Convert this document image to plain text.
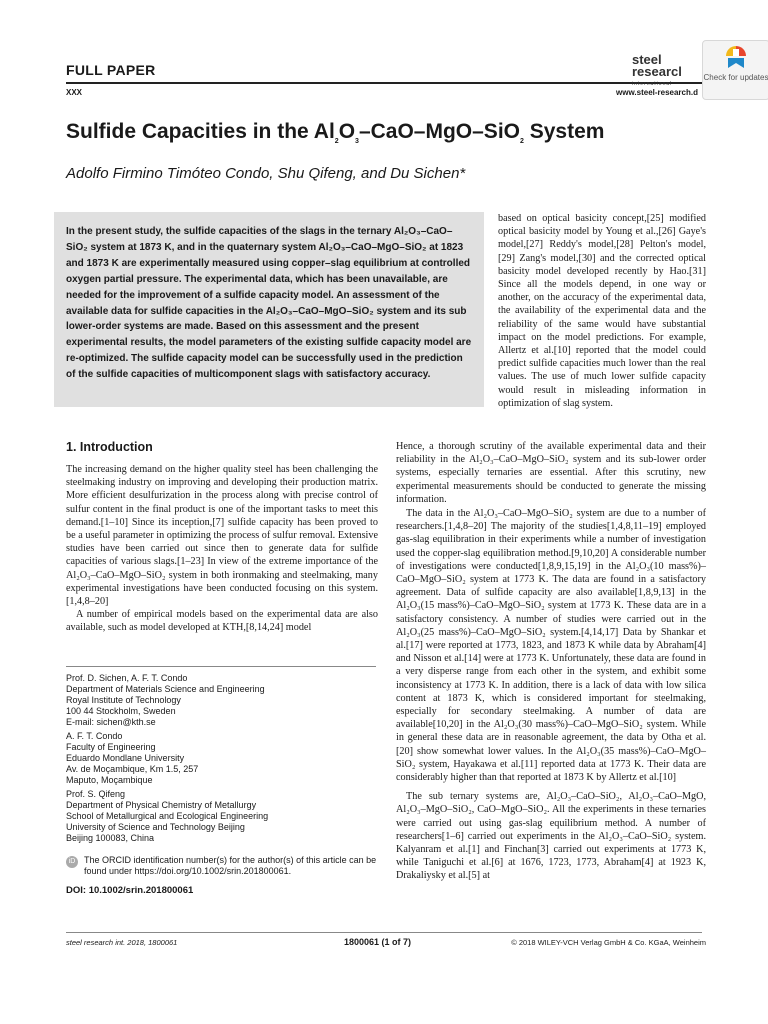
FULL PAPER
XXX	www.steel-research.d
steel
researcl
international
Check for updates
Sulfide Capacities in the $Al_2O_3-CaO-MgO-SiO_2$ System
Adolfo Firmino Timóteo Condo, Shu Qifeng, and Du Sichen*
In the present study, the sulfide capacities of the slags in the ternary Al₂O₃–CaO–SiO₂ system at 1873 K, and in the quaternary system Al₂O₃–CaO–MgO–SiO₂ at 1823 and 1873 K are experimentally measured using copper–slag equilibrium at controlled oxygen partial pressure. The experimental data, which has been unavailable, are needed for the improvement of a sulfide capacity model. An assessment of the available data for sulfide capacities in the Al₂O₃–CaO–MgO–SiO₂ system and its sub lower-order systems are made. Based on this assessment and the present experimental results, the model parameters of the existing sulfide capacity model are re-optimized. The sulfide capacity model can be successfully used in the prediction of the sulfide capacities of multicomponent slags with satisfactory accuracy.

based on optical basicity concept,[25] modified optical basicity model by Young et al.,[26] Gaye's model,[27] Reddy's model,[28] Pelton's model,[29] Zang's model,[30] and the corrected optical basicity model developed recently by Hao.[31] Since all the models depend, in one way or another, on the accuracy of the experimental data, the availability of the experimental data and the reliability of the same would have substantial impact on the model predictions. For example, Allertz et al.[10] reported that the model could predict sulfide capacities much lower than the real values. The use of much lower sulfide capacity would result in misleading information in optimization of slag system.

1. Introduction

The increasing demand on the higher quality steel has been challenging the steelmaking industry on improving and developing their production matrix. More efficient desulfurization in the process along with precise control of sulfur content in the final product is one of the important tasks to meet this demand.[1–10] Since its inception,[7] sulfide capacity has been proved to be a useful parameter in optimizing the process of sulfur removal. Extensive studies have been carried out since then to generate data for sulfide capacities of various slags.[1–23] In view of the extreme importance of the Al₂O₃–CaO–MgO–SiO₂ system in both ironmaking and steelmaking, many experimental investigations have been conducted focusing on this system.[1,4,8–20]

A number of empirical models based on the experimental data are also available, such as model developed at KTH,[8,14,24] model

Hence, a thorough scrutiny of the available experimental data and their reliability in the Al₂O₃–CaO–MgO–SiO₂ system and its sub-lower order systems, especially ternaries are essential. After this scrutiny, new experimental measurements should be conducted to generate the missing information.

The data in the Al₂O₃–CaO–MgO–SiO₂ system are due to a number of researchers.[1,4,8–20] The majority of the studies[1,4,8,11–19] employed gas-slag equilibration in their experiments while a number of investigation used the copper-slag equilibration method.[9,10,20] A considerable number of investigations were conducted[1,8,9,15,19] in the Al₂O₃(10 mass%)–CaO–MgO–SiO₂ system at 1773 K. The data are found in a satisfactory agreement. Data of sulfide capacity are also available[1,8,9,13] in the Al₂O₃(15 mass%)–CaO–MgO–SiO₂ system at 1773 K. These data are in a satisfactory consistency. A number of studies were carried out in the Al₂O₃(25 mass%)–CaO–MgO–SiO₂ system.[4,14,17] Data by Shankar et al.[17] were reported at 1773, 1823, and 1873 K while data by Abraham[4] and Nisson et al.[14] were at 1773 K. Unfortunately, these data are found in a very disperse range from each other in the system, and exhibit some inconsistency at 1773 K. In addition, there is a lack of data with low silica content at 1873 K, which is considered important for steelmaking, especially for secondary steelmaking. A number of data are available[10,20] in the Al₂O₃(30 mass%)–CaO–MgO–SiO₂ system. While in general these data are in reasonable agreement, the data by Otha et al.[20] show somewhat lower values. In the Al₂O₃(35 mass%)–CaO–MgO–SiO₂ system, Hayakawa et al.[11] reported data at 1773 K. Their data are considerably higher than that reported at 1873 K by Allertz et al.[10]

The sub ternary systems are, Al₂O₃–CaO–SiO₂, Al₂O₃–CaO–MgO, Al₂O₃–MgO–SiO₂, CaO–MgO–SiO₂. All the experiments in these ternaries were carried out using gas-slag equilibrium method. A number of researchers[1–6] carried out experiments in the Al₂O₃–CaO–SiO₂ system. Kalyanram et al.[1] and Finchan[3] carried out experiments at 1773 K, while Taniguchi et al.[6] at 1676, 1723, 1773, Abraham[4] at 1923 K, Drakaliysky et al.[5] at

Prof. D. Sichen, A. F. T. Condo
Department of Materials Science and Engineering
Royal Institute of Technology
100 44 Stockholm, Sweden
E-mail: sichen@kth.se
A. F. T. Condo
Faculty of Engineering
Eduardo Mondlane University
Av. de Moçambique, Km 1.5, 257
Maputo, Moçambique
Prof. S. Qifeng
Department of Physical Chemistry of Metallurgy
School of Metallurgical and Ecological Engineering
University of Science and Technology Beijing
Beijing 100083, China
iD The ORCID identification number(s) for the author(s) of this article can be found under https://doi.org/10.1002/srin.201800061.
DOI: 10.1002/srin.201800061
steel research int. 2018, 1800061	1800061 (1 of 7)	© 2018 WILEY-VCH Verlag GmbH & Co. KGaA, Weinheim
